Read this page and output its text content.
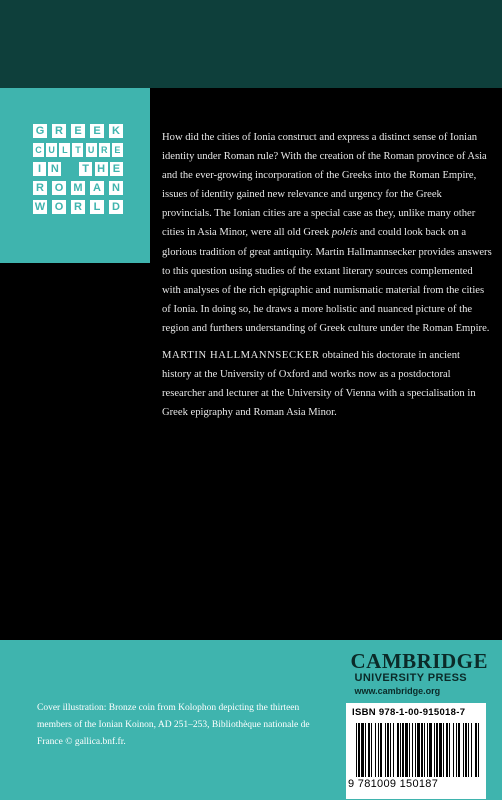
G R	E	E	K
C U L T U R E
I N T H E
R O M A N
W O R	L	D

How did the cities of Ionia construct and express a distinct sense of Ionian identity under Roman rule? With the creation of the Roman province of Asia and the ever-growing incorporation of the Greeks into the Roman Empire, issues of identity gained new relevance and urgency for the Greek provincials. The Ionian cities are a special case as they, unlike many other cities in Asia Minor, were all old Greek poleis and could look back on a glorious tradition of great antiquity. Martin Hallmannsecker provides answers to this question using studies of the extant literary sources complemented with analyses of the rich epigraphic and numismatic material from the cities of Ionia. In doing so, he draws a more holistic and nuanced picture of the region and furthers understanding of Greek culture under the Roman Empire.

MARTIN HALLMANNSECKER obtained his doctorate in ancient history at the University of Oxford and works now as a postdoctoral researcher and lecturer at the University of Vienna with a specialisation in Greek epigraphy and Roman Asia Minor.

CAMBRIDGE
UNIVERSITY PRESS
www.cambridge.org
Cover illustration: Bronze coin from Kolophon depicting the thirteen members of the Ionian Koinon, AD 251–253, Bibliothèque nationale de France © gallica.bnf.fr.
ISBN 978-1-00-915018-7
9 781009 150187
